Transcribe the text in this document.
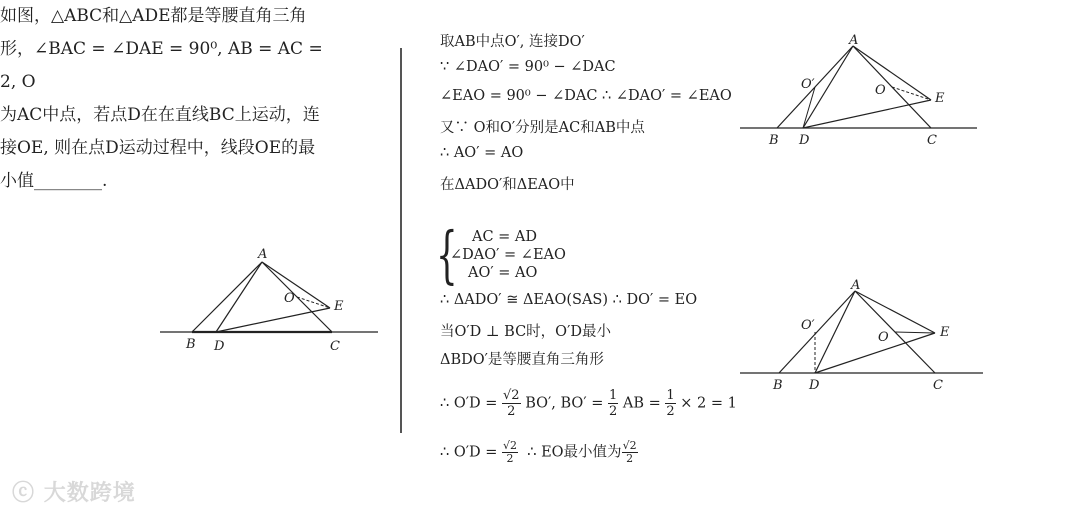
如图，△ABC和△ADE都是等腰直角三角

形，∠BAC = ∠DAE = 90⁰, AB = AC = 2, O

为AC中点，若点D在在直线BC上运动，连

接OE, 则在点D运动过程中，线段OE的最

小值________.

A
B D	C
E
O
取AB中点O′, 连接DO′
∵ ∠DAO′ = 90⁰ − ∠DAC
∠EAO = 90⁰ − ∠DAC ∴ ∠DAO′ = ∠EAO
又∵ O和O′分别是AC和AB中点
∴ AO′ = AO
在ΔADO′和ΔEAO中
{ AC = AD
∠DAO′ = ∠EAO
AO′ = AO
∴ ΔADO′ ≅ ΔEAO(SAS) ∴ DO′ = EO
当O′D ⊥ BC时，O′D最小
ΔBDO′是等腰直角三角形
∴ $O'D = \frac{√2}{2} BO'$, $BO' = \frac{1}{2}$ AB = $\frac{1}{2} \times 2 = 1$
∴ $O'D = \frac{√2}{2}$ ∴ EO最小值为 $\frac{√2}{2}$
A
B D	C
E
O
O′
A
B D	C
E
O
O′
ⓒ 大数跨境
